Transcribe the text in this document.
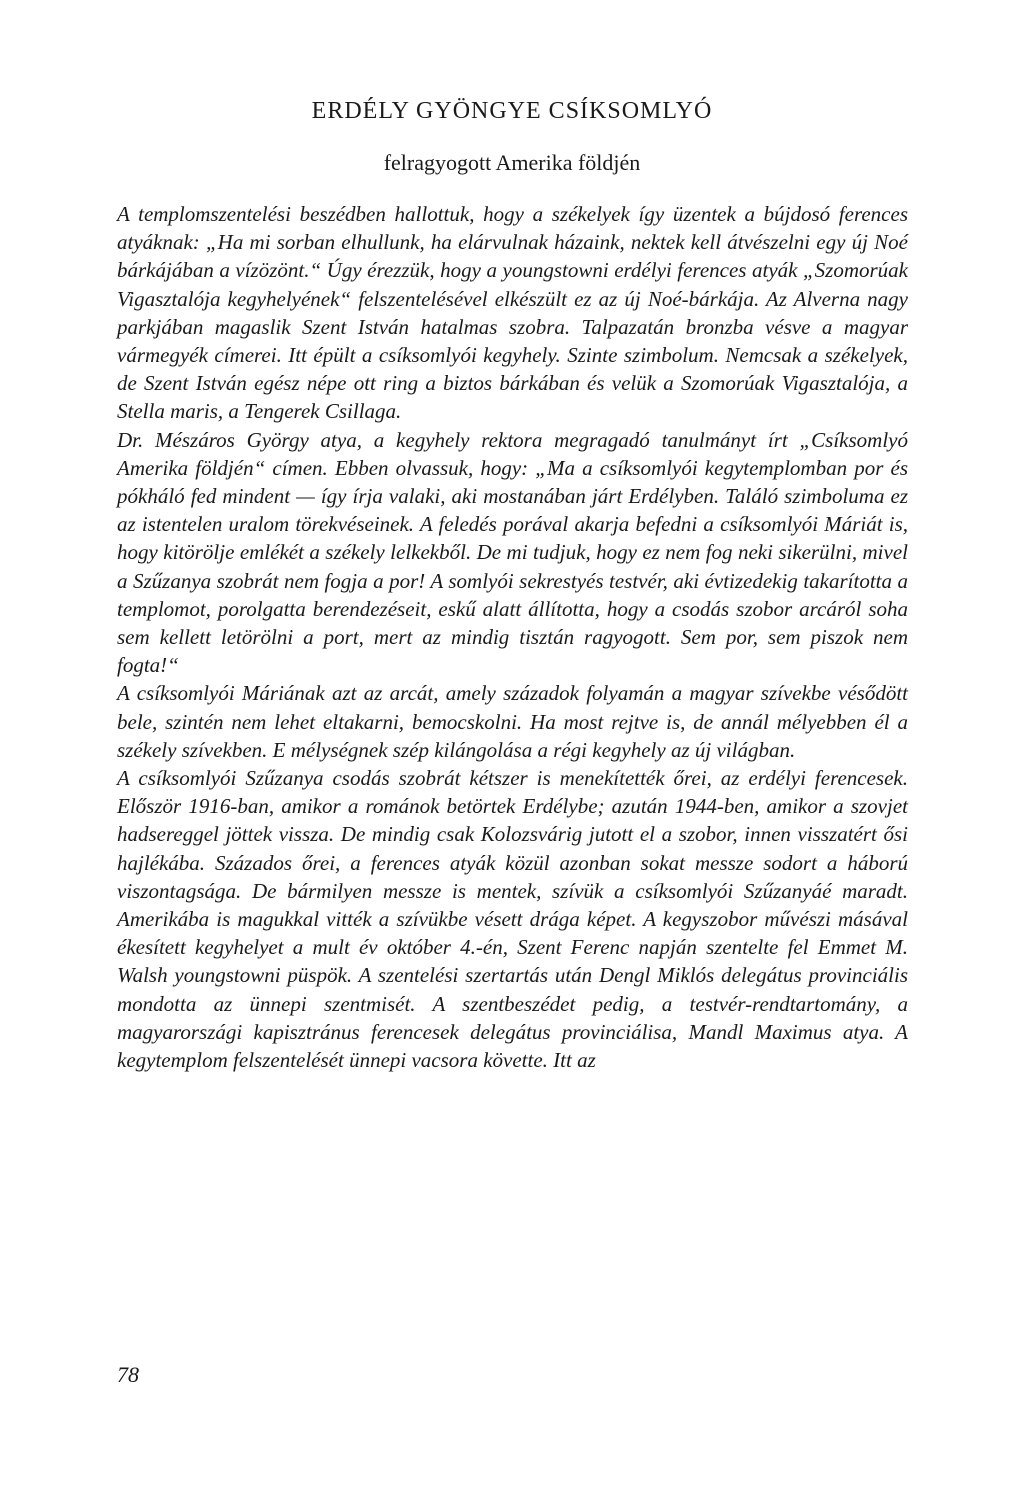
ERDÉLY GYÖNGYE CSÍKSOMLYÓ
felragyogott Amerika földjén

A templomszentelési beszédben hallottuk, hogy a székelyek így üzentek a bújdosó ferences atyáknak: „Ha mi sorban elhullunk, ha elárvulnak házaink, nektek kell átvészelni egy új Noé bárkájában a vízözönt.“ Úgy érezzük, hogy a youngstowni erdélyi ferences atyák „Szomorúak Vigasztalója kegyhelyének“ felszentelésével elkészült ez az új Noé-bárkája. Az Alverna nagy parkjában magaslik Szent István hatalmas szobra. Talpazatán bronzba vésve a magyar vármegyék címerei. Itt épült a csíksomlyói kegyhely. Szinte szimbolum. Nemcsak a székelyek, de Szent István egész népe ott ring a biztos bárkában és velük a Szomorúak Vigasztalója, a Stella maris, a Tengerek Csillaga.

Dr. Mészáros György atya, a kegyhely rektora megragadó tanulmányt írt „Csíksomlyó Amerika földjén“ címen. Ebben olvassuk, hogy: „Ma a csíksomlyói kegytemplomban por és pókháló fed mindent — így írja valaki, aki mostanában járt Erdélyben. Találó szimboluma ez az istentelen uralom törekvéseinek. A feledés porával akarja befedni a csíksomlyói Máriát is, hogy kitörölje emlékét a székely lelkekből. De mi tudjuk, hogy ez nem fog neki sikerülni, mivel a Szűzanya szobrát nem fogja a por! A somlyói sekrestyés testvér, aki évtizedekig takarította a templomot, porolgatta berendezéseit, eskű alatt állította, hogy a csodás szobor arcáról soha sem kellett letörölni a port, mert az mindig tisztán ragyogott. Sem por, sem piszok nem fogta!“

A csíksomlyói Máriának azt az arcát, amely századok folyamán a magyar szívekbe vésődött bele, szintén nem lehet eltakarni, bemocskolni. Ha most rejtve is, de annál mélyebben él a székely szívekben. E mélységnek szép kilángolása a régi kegyhely az új világban.

A csíksomlyói Szűzanya csodás szobrát kétszer is menekítették őrei, az erdélyi ferencesek. Először 1916-ban, amikor a románok betörtek Erdélybe; azután 1944-ben, amikor a szovjet hadsereggel jöttek vissza. De mindig csak Kolozsvárig jutott el a szobor, innen visszatért ősi hajlékába. Százados őrei, a ferences atyák közül azonban sokat messze sodort a háború viszontagsága. De bármilyen messze is mentek, szívük a csíksomlyói Szűzanyáé maradt. Amerikába is magukkal vitték a szívükbe vésett drága képet. A kegyszobor művészi másával ékesített kegyhelyet a mult év október 4.-én, Szent Ferenc napján szentelte fel Emmet M. Walsh youngstowni püspök. A szentelési szertartás után Dengl Miklós delegátus provinciális mondotta az ünnepi szentmisét. A szentbeszédet pedig, a testvér-rendtartomány, a magyarországi kapisztránus ferencesek delegátus provinciálisa, Mandl Maximus atya. A kegytemplom felszentelését ünnepi vacsora követte. Itt az

78
